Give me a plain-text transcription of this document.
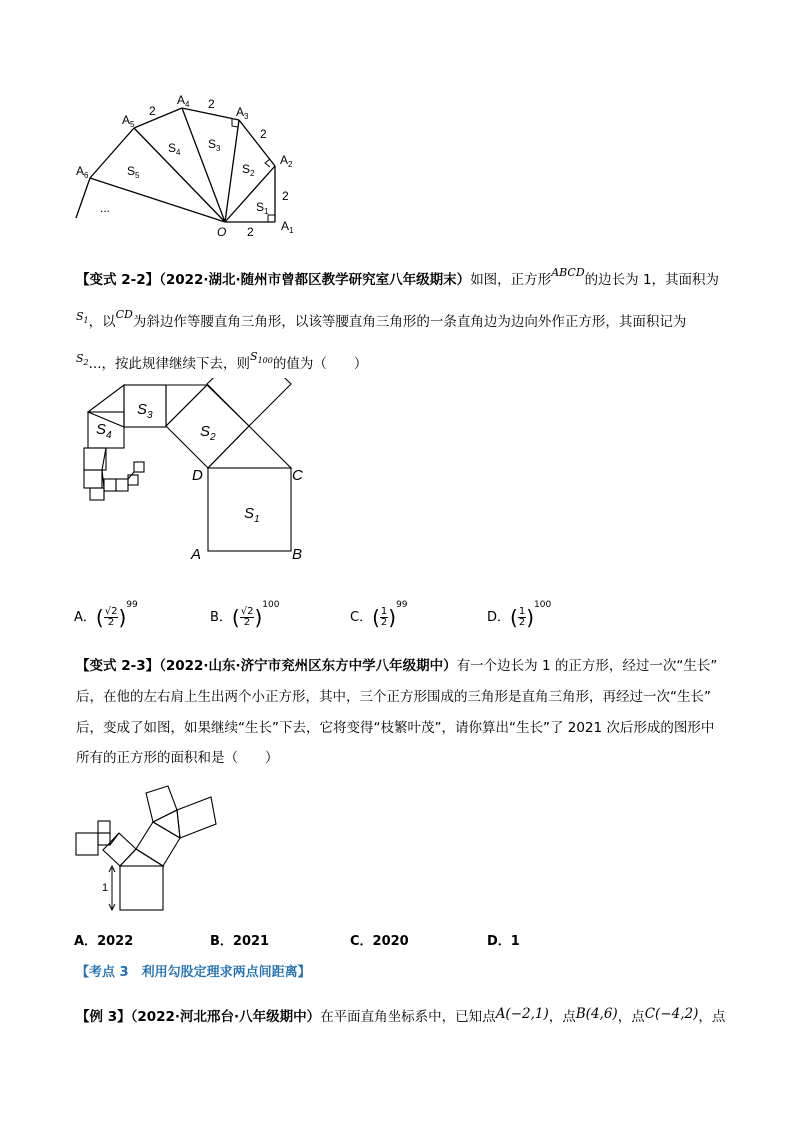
$A_1$
$A_2$
$A_3$
$A_4$
$A_5$
$A_6$
O 2
2
2
2
2
...	$S_1$
$S_2$
$S_3$
$S_4$
$S_5$
【变式 2-2】（2022·湖北·随州市曾都区教学研究室八年级期末）如图，正方形$^{ABCD}$的边长为 1，其面积为
$^{S_1}$，以$^{CD}$为斜边作等腰直角三角形，以该等腰直角三角形的一条直角边为边向外作正方形，其面积记为
$^{S_2}$...，按此规律继续下去，则$^{S_{100}}$的值为（　　）
$S_1$
$S_2$
$S_3$
$S_4$
A	B
C
D
A．( $\frac{√2}{2})^{99}$
B．( $\frac{√2}{2})^{100}$
C．( $\frac{1}{2})^{99}$
D．( $\frac{1}{2})^{100}$
【变式 2-3】（2022·山东·济宁市兖州区东方中学八年级期中）有一个边长为 1 的正方形，经过一次“生长”
后，在他的左右肩上生出两个小正方形，其中，三个正方形围成的三角形是直角三角形，再经过一次“生长”
后，变成了如图，如果继续“生长”下去，它将变得“枝繁叶茂”，请你算出“生长”了 2021 次后形成的图形中
所有的正方形的面积和是（　　）
1
A．2022	B．2021	C．2020	D．1
【考点 3　利用勾股定理求两点间距离】
【例 3】（2022·河北邢台·八年级期中）在平面直角坐标系中，已知点A(−2,1)，点B(4,6)，点C(−4,2)，点
